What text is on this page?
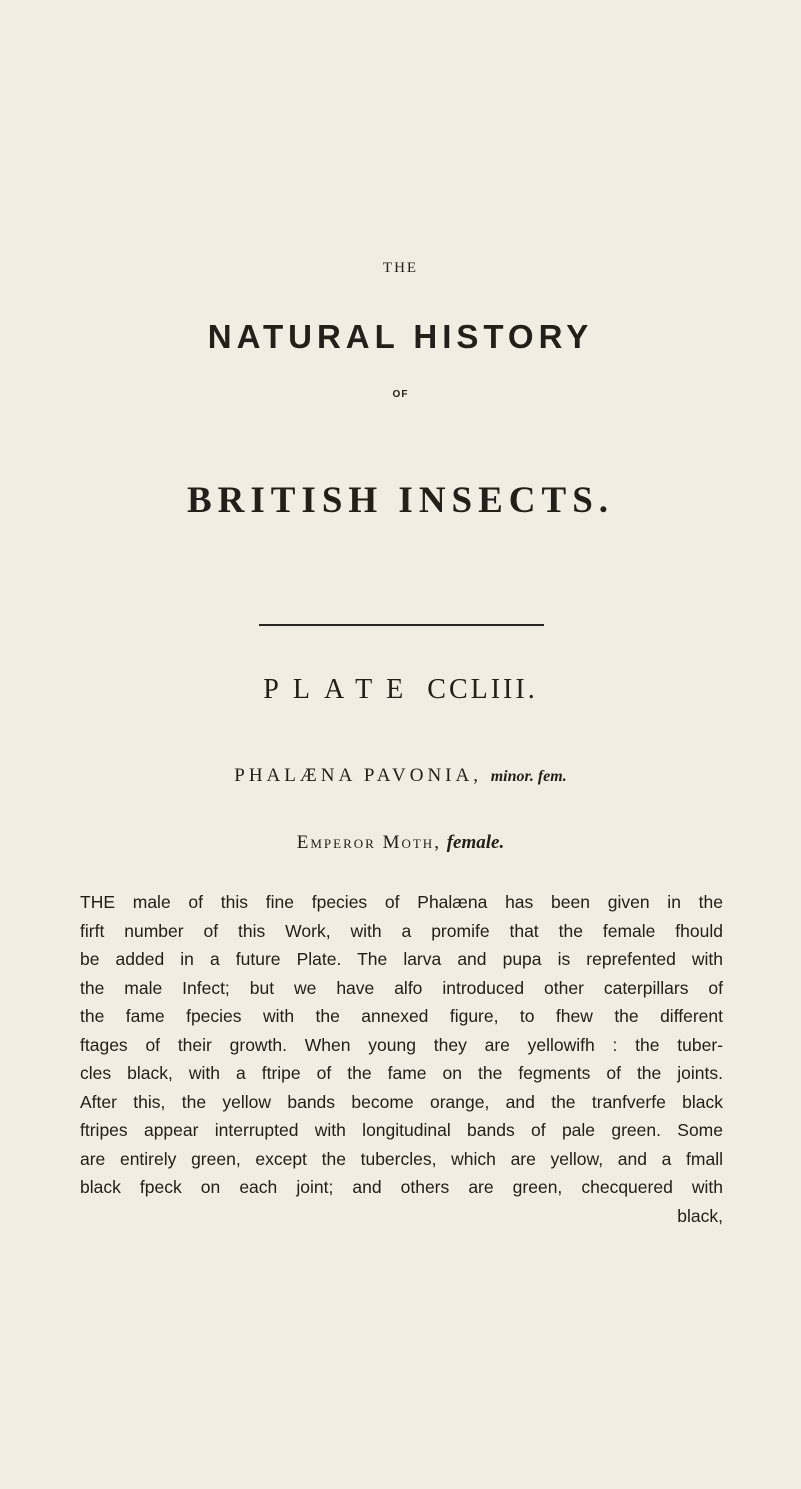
THE
NATURAL HISTORY
OF
BRITISH INSECTS.
PLATE CCLIII.
PHALÆNA PAVONIA, minor. fem.
Emperor Moth, female.
THE male of this fine fpecies of Phalæna has been given in the
firft number of this Work, with a promife that the female fhould
be added in a future Plate. The larva and pupa is reprefented with
the male Infect; but we have alfo introduced other caterpillars of
the fame fpecies with the annexed figure, to fhew the different
ftages of their growth. When young they are yellowifh : the tuber-
cles black, with a ftripe of the fame on the fegments of the joints.
After this, the yellow bands become orange, and the tranfverfe black
ftripes appear interrupted with longitudinal bands of pale green. Some
are entirely green, except the tubercles, which are yellow, and a fmall
black fpeck on each joint; and others are green, checquered with
black,
